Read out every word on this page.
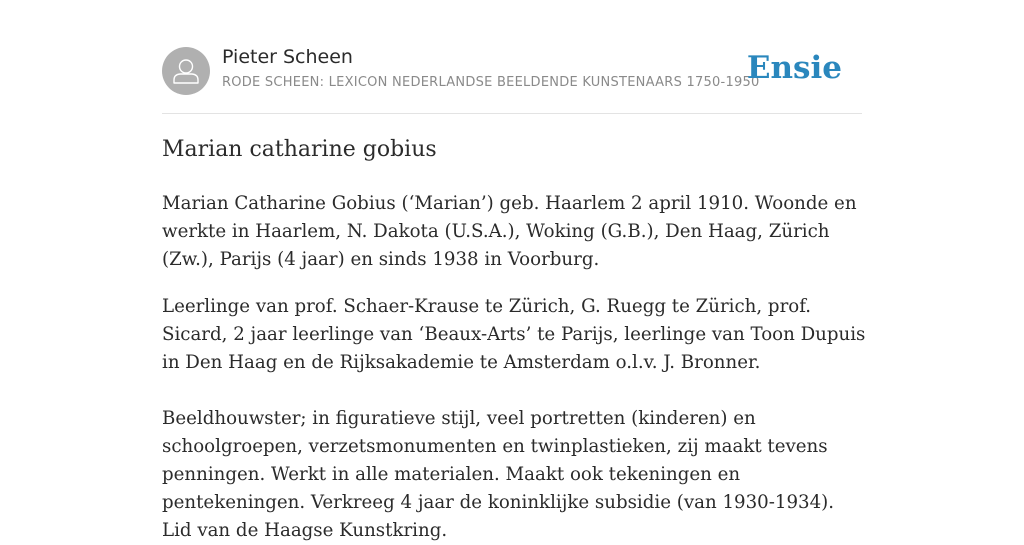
Pieter Scheen
RODE SCHEEN: LEXICON NEDERLANDSE BEELDENDE KUNSTENAARS 1750-1950
Ensie
Marian catharine gobius

Marian Catharine Gobius (‘Marian’) geb. Haarlem 2 april 1910. Woonde en werkte in Haarlem, N. Dakota (U.S.A.), Woking (G.B.), Den Haag, Zürich (Zw.), Parijs (4 jaar) en sinds 1938 in Voorburg.

Leerlinge van prof. Schaer-Krause te Zürich, G. Ruegg te Zürich, prof. Sicard, 2 jaar leerlinge van ‘Beaux-Arts’ te Parijs, leerlinge van Toon Dupuis in Den Haag en de Rijksakademie te Amsterdam o.l.v. J. Bronner.

Beeldhouwster; in figuratieve stijl, veel portretten (kinderen) en schoolgroepen, verzetsmonumenten en twinplastieken, zij maakt tevens penningen. Werkt in alle materialen. Maakt ook tekeningen en pentekeningen. Verkreeg 4 jaar de koninklijke subsidie (van 1930-1934). Lid van de Haagse Kunstkring.
